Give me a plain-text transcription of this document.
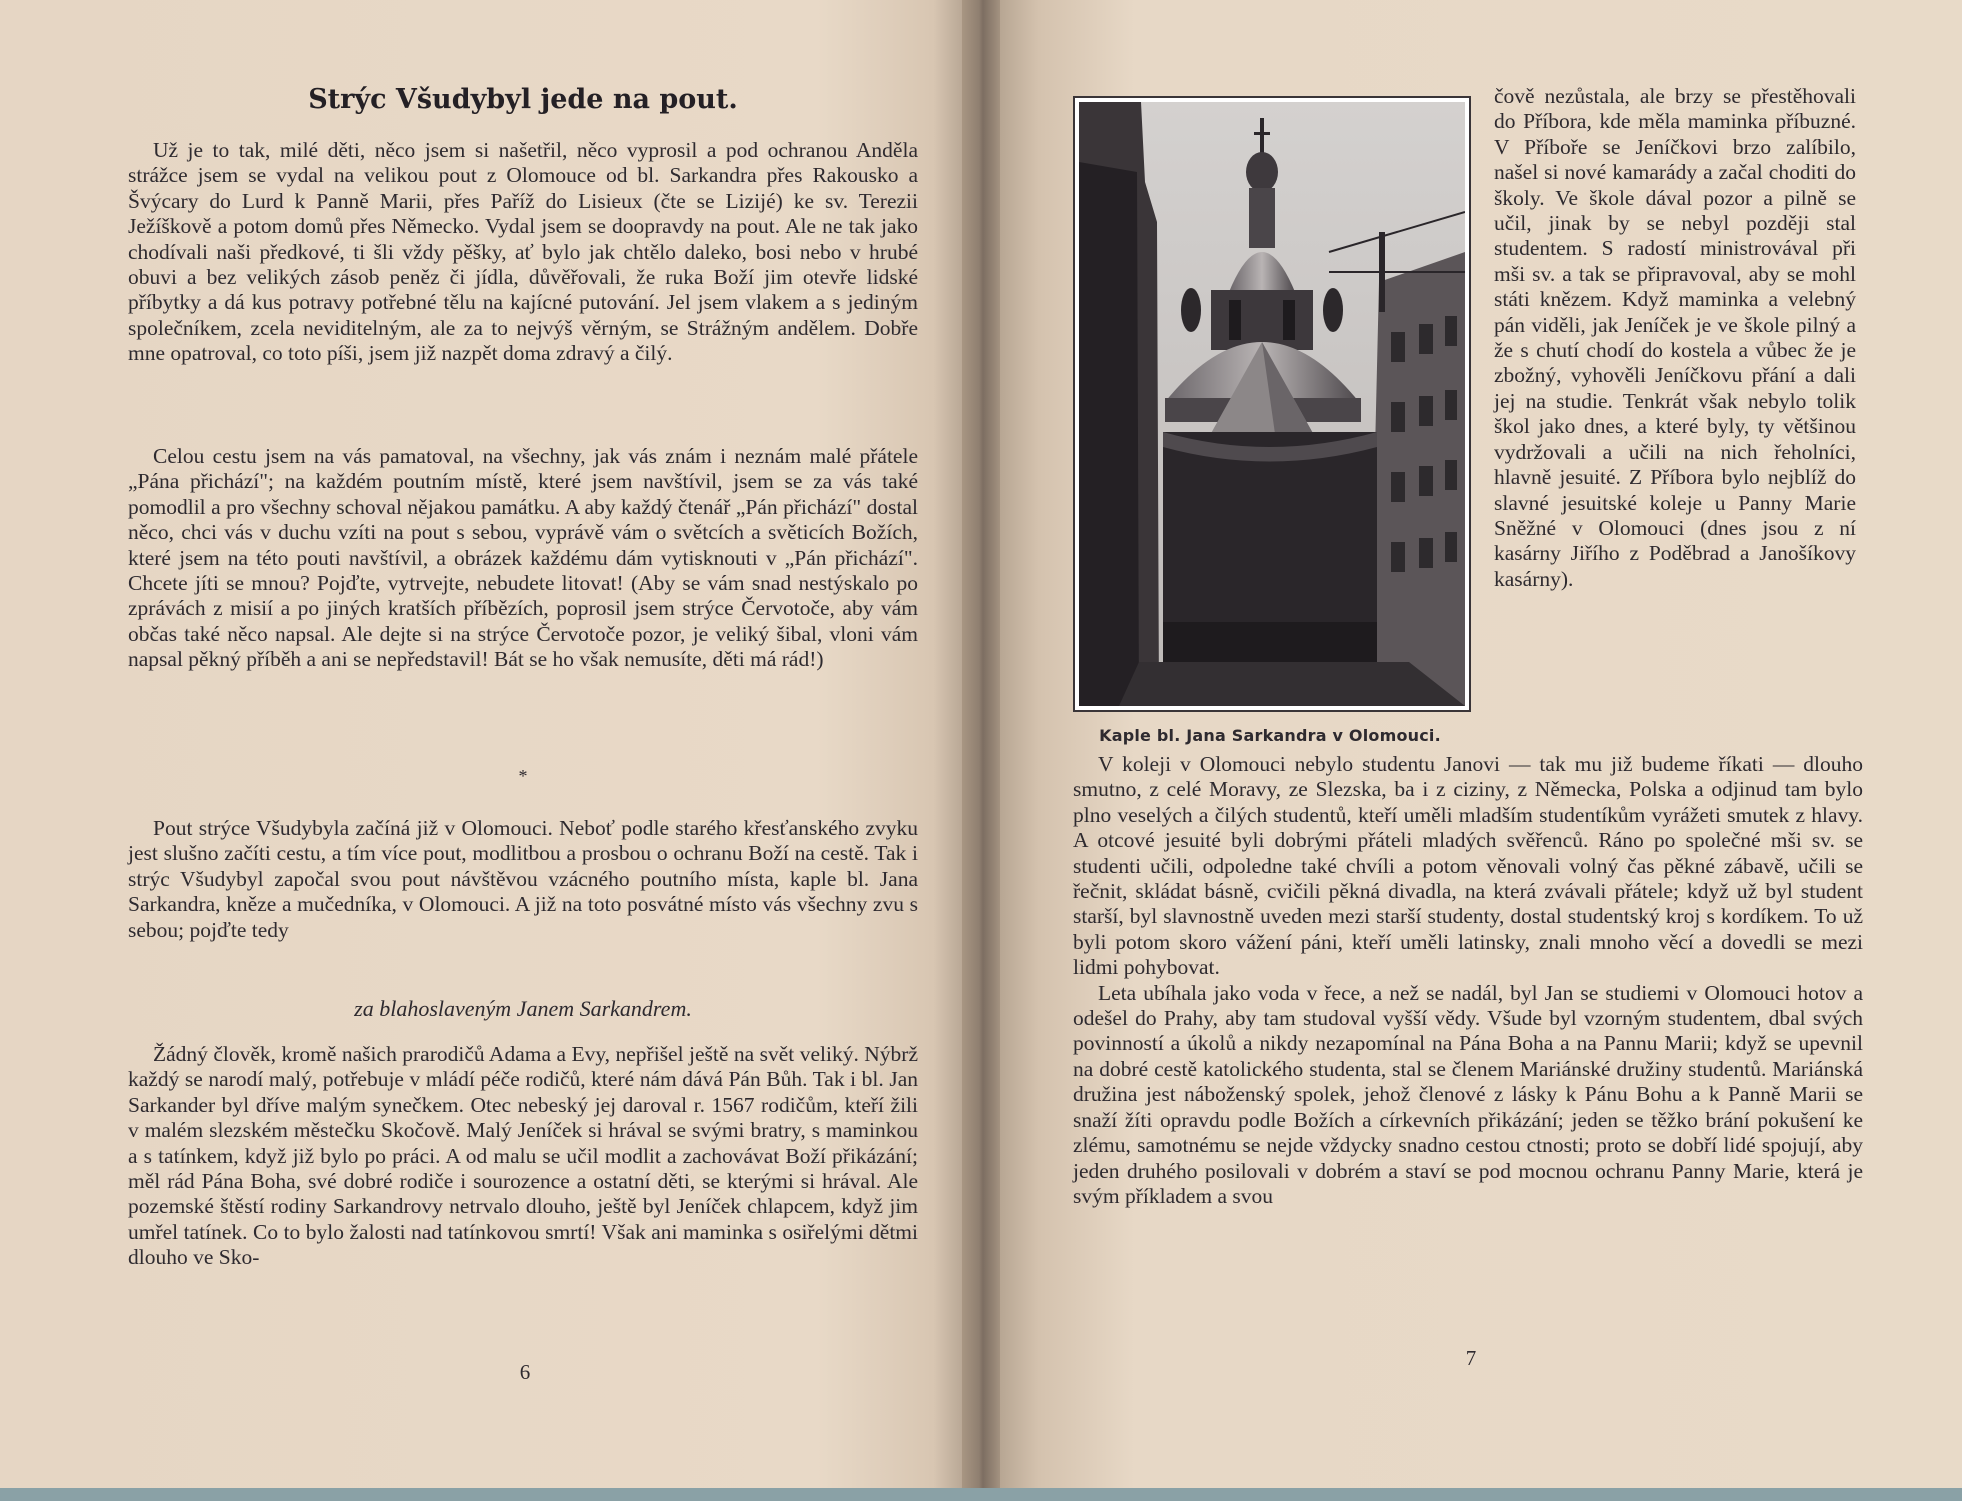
Strýc Všudybyl jede na pout.

Už je to tak, milé děti, něco jsem si našetřil, něco vyprosil a pod ochranou Anděla strážce jsem se vydal na velikou pout z Olomouce od bl. Sarkandra přes Rakousko a Švýcary do Lurd k Panně Marii, přes Paříž do Lisieux (čte se Lizijé) ke sv. Terezii Ježíškově a potom domů přes Německo. Vydal jsem se doopravdy na pout. Ale ne tak jako chodívali naši předkové, ti šli vždy pěšky, ať bylo jak chtělo daleko, bosi nebo v hrubé obuvi a bez velikých zásob peněz či jídla, důvěřovali, že ruka Boží jim otevře lidské příbytky a dá kus potravy potřebné tělu na kajícné putování. Jel jsem vlakem a s jediným společníkem, zcela neviditelným, ale za to nejvýš věrným, se Strážným andělem. Dobře mne opatroval, co toto píši, jsem již nazpět doma zdravý a čilý.

Celou cestu jsem na vás pamatoval, na všechny, jak vás znám i neznám malé přátele „Pána přichází"; na každém poutním místě, které jsem navštívil, jsem se za vás také pomodlil a pro všechny schoval nějakou památku. A aby každý čtenář „Pán přichází" dostal něco, chci vás v duchu vzíti na pout s sebou, vyprávě vám o světcích a světicích Božích, které jsem na této pouti navštívil, a obrázek každému dám vytisknouti v „Pán přichází". Chcete jíti se mnou? Pojďte, vytrvejte, nebudete litovat! (Aby se vám snad nestýskalo po zprávách z misií a po jiných kratších příbězích, poprosil jsem strýce Červotoče, aby vám občas také něco napsal. Ale dejte si na strýce Červotoče pozor, je veliký šibal, vloni vám napsal pěkný příběh a ani se nepředstavil! Bát se ho však nemusíte, děti má rád!)

*

Pout strýce Všudybyla začíná již v Olomouci. Neboť podle starého křesťanského zvyku jest slušno začíti cestu, a tím více pout, modlitbou a prosbou o ochranu Boží na cestě. Tak i strýc Všudybyl započal svou pout návštěvou vzácného poutního místa, kaple bl. Jana Sarkandra, kněze a mučedníka, v Olomouci. A již na toto posvátné místo vás všechny zvu s sebou; pojďte tedy

za blahoslaveným Janem Sarkandrem.

Žádný člověk, kromě našich prarodičů Adama a Evy, nepřišel ještě na svět veliký. Nýbrž každý se narodí malý, potřebuje v mládí péče rodičů, které nám dává Pán Bůh. Tak i bl. Jan Sarkander byl dříve malým synečkem. Otec nebeský jej daroval r. 1567 rodičům, kteří žili v malém slezském městečku Skočově. Malý Jeníček si hrával se svými bratry, s maminkou a s tatínkem, když již bylo po práci. A od malu se učil modlit a zachovávat Boží přikázání; měl rád Pána Boha, své dobré rodiče i sourozence a ostatní děti, se kterými si hrával. Ale pozemské štěstí rodiny Sarkandrovy netrvalo dlouho, ještě byl Jeníček chlapcem, když jim umřel tatínek. Co to bylo žalosti nad tatínkovou smrtí! Však ani maminka s osiřelými dětmi dlouho ve Sko-

6
Kaple bl. Jana Sarkandra v Olomouci.

čově nezůstala, ale brzy se přestěhovali do Příbora, kde měla maminka příbuzné. V Příboře se Jeníčkovi brzo zalíbilo, našel si nové kamarády a začal choditi do školy. Ve škole dával pozor a pilně se učil, jinak by se nebyl později stal studentem. S radostí ministrovával při mši sv. a tak se připravoval, aby se mohl státi knězem. Když maminka a velebný pán viděli, jak Jeníček je ve škole pilný a že s chutí chodí do kostela a vůbec že je zbožný, vyhověli Jeníčkovu přání a dali jej na studie. Tenkrát však nebylo tolik škol jako dnes, a které byly, ty většinou vydržovali a učili na nich řeholníci, hlavně jesuité. Z Příbora bylo nejblíž do slavné jesuitské koleje u Panny Marie Sněžné v Olomouci (dnes jsou z ní kasárny Jiřího z Poděbrad a Janošíkovy kasárny).

V koleji v Olomouci nebylo studentu Janovi — tak mu již budeme říkati — dlouho smutno, z celé Moravy, ze Slezska, ba i z ciziny, z Německa, Polska a odjinud tam bylo plno veselých a čilých studentů, kteří uměli mladším studentíkům vyrážeti smutek z hlavy. A otcové jesuité byli dobrými přáteli mladých svěřenců. Ráno po společné mši sv. se studenti učili, odpoledne také chvíli a potom věnovali volný čas pěkné zábavě, učili se řečnit, skládat básně, cvičili pěkná divadla, na která zvávali přátele; když už byl student starší, byl slavnostně uveden mezi starší studenty, dostal studentský kroj s kordíkem. To už byli potom skoro vážení páni, kteří uměli latinsky, znali mnoho věcí a dovedli se mezi lidmi pohybovat.

Leta ubíhala jako voda v řece, a než se nadál, byl Jan se studiemi v Olomouci hotov a odešel do Prahy, aby tam studoval vyšší vědy. Všude byl vzorným studentem, dbal svých povinností a úkolů a nikdy nezapomínal na Pána Boha a na Pannu Marii; když se upevnil na dobré cestě katolického studenta, stal se členem Mariánské družiny studentů. Mariánská družina jest náboženský spolek, jehož členové z lásky k Pánu Bohu a k Panně Marii se snaží žíti opravdu podle Božích a církevních přikázání; jeden se těžko brání pokušení ke zlému, samotnému se nejde vždycky snadno cestou ctnosti; proto se dobří lidé spojují, aby jeden druhého posilovali v dobrém a staví se pod mocnou ochranu Panny Marie, která je svým příkladem a svou

7
